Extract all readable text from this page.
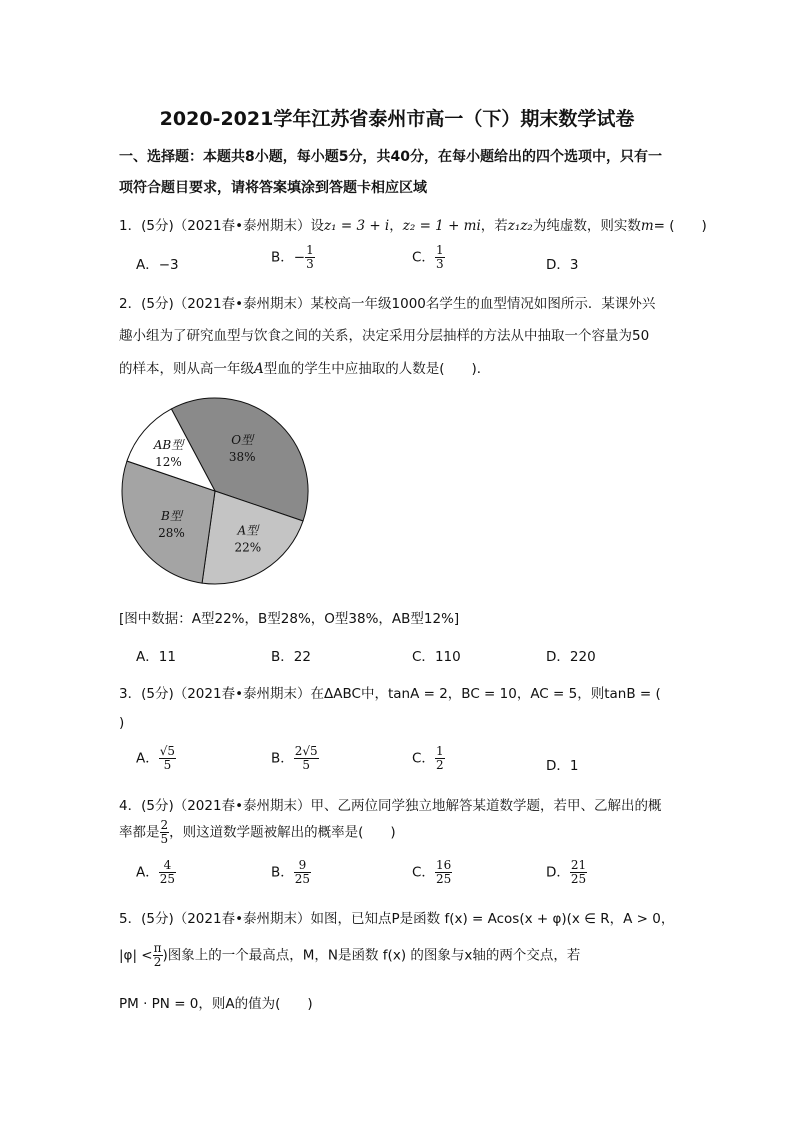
2020-2021学年江苏省泰州市高一（下）期末数学试卷
一、选择题：本题共8小题，每小题5分，共40分，在每小题给出的四个选项中，只有一
项符合题目要求，请将答案填涂到答题卡相应区域
1．(5分)（2021春•泰州期末）设z₁ = 3 + i，z₂ = 1 + mi，若z₁z₂为纯虚数，则实数m= (　　)
A．−3	B．− $\frac{1}{3}$	C． $\frac{1}{3}$	D．3
2．(5分)（2021春•泰州期末）某校高一年级1000名学生的血型情况如图所示．某课外兴
趣小组为了研究血型与饮食之间的关系，决定采用分层抽样的方法从中抽取一个容量为50
的样本，则从高一年级A型血的学生中应抽取的人数是(　　)．
O型
38%
A型
22%
B型
28%
AB型
12%
[图中数据：A型22%，B型28%，O型38%，AB型12%]
A．11	B．22	C．110	D．220
3．(5分)（2021春•泰州期末）在ΔABC中，tanA = 2，BC = 10，AC = 5，则tanB = (
)
A． $\frac{√5}{5}$	B． $\frac{2√5}{5}$	C． $\frac{1}{2}$	D．1
4．(5分)（2021春•泰州期末）甲、乙两位同学独立地解答某道数学题，若甲、乙解出的概
率都是 $\frac{2}{5}$ ，则这道数学题被解出的概率是(　　)
A． $\frac{4}{25}$	B． $\frac{9}{25}$	C． $\frac{16}{25}$	D． $\frac{21}{25}$
5．(5分)（2021春•泰州期末）如图，已知点P是函数 f(x) = Acos(x + φ)(x ∈ R，A > 0，
$|\varphi| < \frac{\pi}{2}$ )图象上的一个最高点，M，N是函数 f(x) 的图象与x轴的两个交点，若
PM · PN = 0，则A的值为(　　)
